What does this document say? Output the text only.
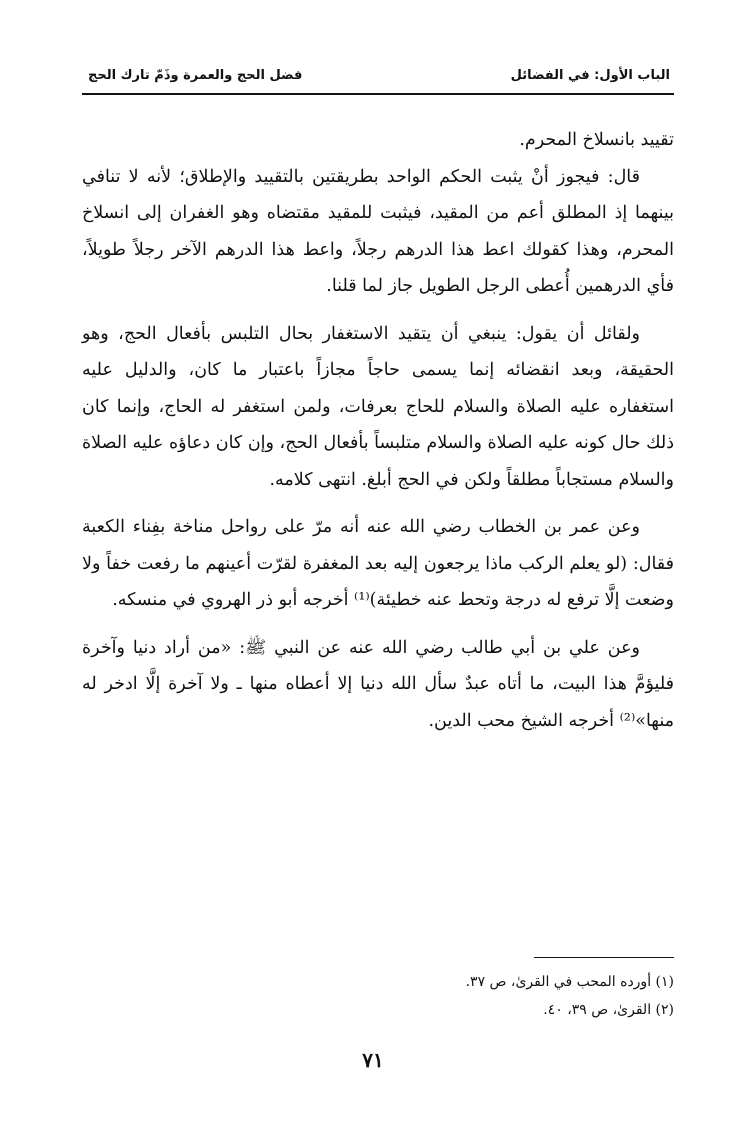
الباب الأول: في الفضائل
فضل الحج والعمرة وذَمّ تارك الحج

تقييد بانسلاخ المحرم.

قال: فيجوز أنْ يثبت الحكم الواحد بطريقتين بالتقييد والإطلاق؛ لأنه لا تنافي بينهما إذ المطلق أعم من المقيد، فيثبت للمقيد مقتضاه وهو الغفران إلى انسلاخ المحرم، وهذا كقولك اعط هذا الدرهم رجلاً، واعط هذا الدرهم الآخر رجلاً طويلاً، فأي الدرهمين أُعطى الرجل الطويل جاز لما قلنا.

ولقائل أن يقول: ينبغي أن يتقيد الاستغفار بحال التلبس بأفعال الحج، وهو الحقيقة، وبعد انقضائه إنما يسمى حاجاً مجازاً باعتبار ما كان، والدليل عليه استغفاره عليه الصلاة والسلام للحاج بعرفات، ولمن استغفر له الحاج، وإنما كان ذلك حال كونه عليه الصلاة والسلام متلبساً بأفعال الحج، وإن كان دعاؤه عليه الصلاة والسلام مستجاباً مطلقاً ولكن في الحج أبلغ. انتهى كلامه.

وعن عمر بن الخطاب رضي الله عنه أنه مرّ على رواحل مناخة بفِناء الكعبة فقال: (لو يعلم الركب ماذا يرجعون إليه بعد المغفرة لقرّت أعينهم ما رفعت خفاً ولا وضعت إلَّا ترفع له درجة وتحط عنه خطيئة)⁽¹⁾ أخرجه أبو ذر الهروي في منسكه.

وعن علي بن أبي طالب رضي الله عنه عن النبي ﷺ: «من أراد دنيا وآخرة فليؤمَّ هذا البيت، ما أتاه عبدٌ سأل الله دنيا إلا أعطاه منها ـ ولا آخرة إلَّا ادخر له منها»⁽²⁾ أخرجه الشيخ محب الدين.

(١) أورده المحب في القرىٰ، ص ٣٧.
(٢) القرىٰ، ص ٣٩، ٤٠.
٧١
